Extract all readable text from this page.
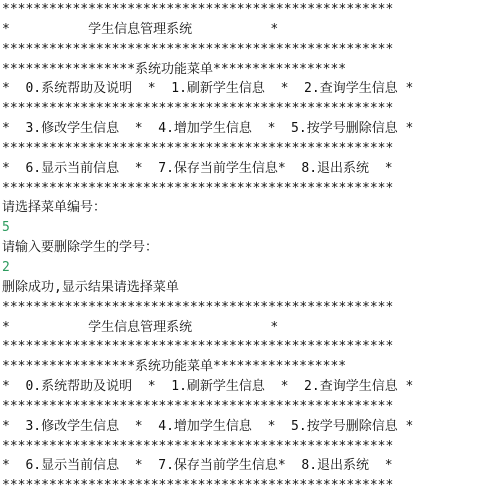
**************************************************
*          学生信息管理系统          *
**************************************************
*****************系统功能菜单*****************
*  0.系统帮助及说明  *  1.刷新学生信息  *  2.查询学生信息 *
**************************************************
*  3.修改学生信息  *  4.增加学生信息  *  5.按学号删除信息 *
**************************************************
*  6.显示当前信息  *  7.保存当前学生信息*  8.退出系统  *
**************************************************
请选择菜单编号：
5
请输入要删除学生的学号：
2
删除成功,显示结果请选择菜单
**************************************************
*          学生信息管理系统          *
**************************************************
*****************系统功能菜单*****************
*  0.系统帮助及说明  *  1.刷新学生信息  *  2.查询学生信息 *
**************************************************
*  3.修改学生信息  *  4.增加学生信息  *  5.按学号删除信息 *
**************************************************
*  6.显示当前信息  *  7.保存当前学生信息*  8.退出系统  *
**************************************************
